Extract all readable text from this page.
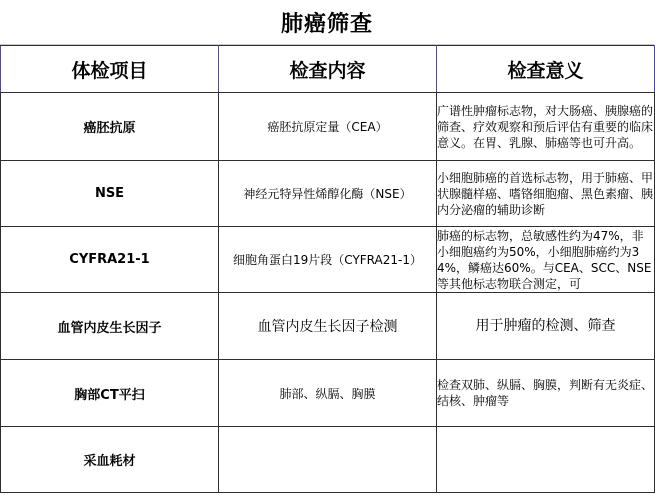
肺癌筛查
体检项目	检查内容	检查意义
癌胚抗原	癌胚抗原定量（CEA）	广谱性肿瘤标志物，对大肠癌、胰腺癌的筛查、疗效观察和预后评估有重要的临床意义。在胃、乳腺、肺癌等也可升高。
NSE	神经元特异性烯醇化酶（NSE）	小细胞肺癌的首选标志物，用于肺癌、甲状腺髓样癌、嗜铬细胞瘤、黑色素瘤、胰内分泌瘤的辅助诊断
CYFRA21-1	细胞角蛋白19片段（CYFRA21-1）	肺癌的标志物，总敏感性约为47%，非小细胞癌约为50%，小细胞肺癌约为34%，鳞癌达60%。与CEA、SCC、NSE等其他标志物联合测定，可
血管内皮生长因子	血管内皮生长因子检测	用于肿瘤的检测、筛查
胸部CT平扫	肺部、纵膈、胸膜	检查双肺、纵膈、胸膜，判断有无炎症、结核、肿瘤等
采血耗材		
